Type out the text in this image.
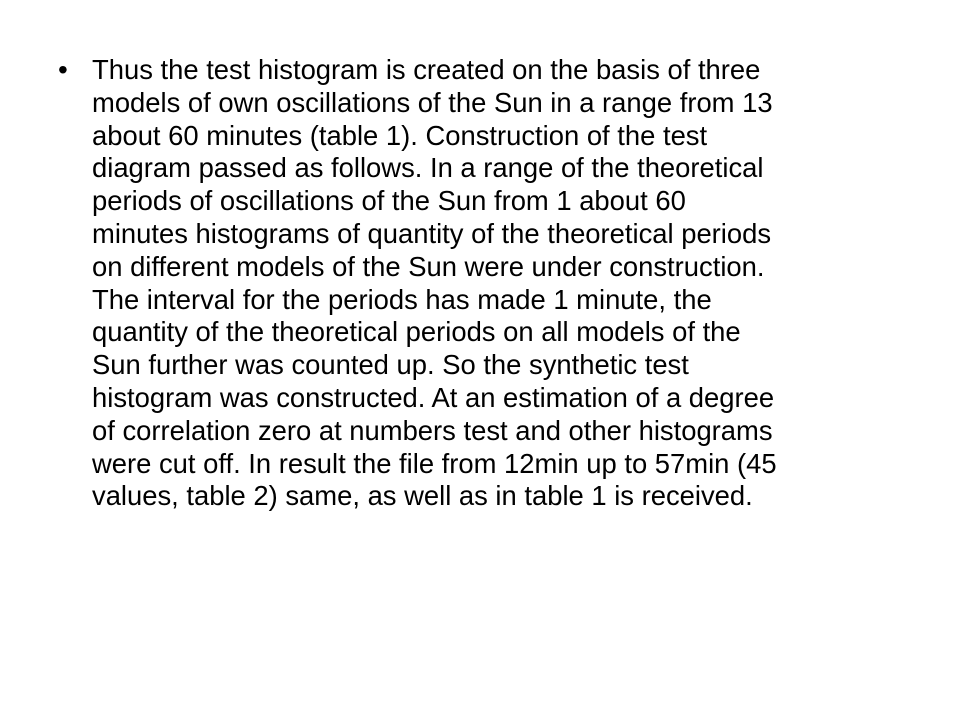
• Thus the test histogram is created on the basis of three
models of own oscillations of the Sun in a range from 13
about 60 minutes (table 1). Construction of the test
diagram passed as follows. In a range of the theoretical
periods of oscillations of the Sun from 1 about 60
minutes histograms of quantity of the theoretical periods
on different models of the Sun were under construction.
The interval for the periods has made 1 minute, the
quantity of the theoretical periods on all models of the
Sun further was counted up. So the synthetic test
histogram was constructed. At an estimation of a degree
of correlation zero at numbers test and other histograms
were cut off. In result the file from 12min up to 57min (45
values, table 2) same, as well as in table 1 is received.
